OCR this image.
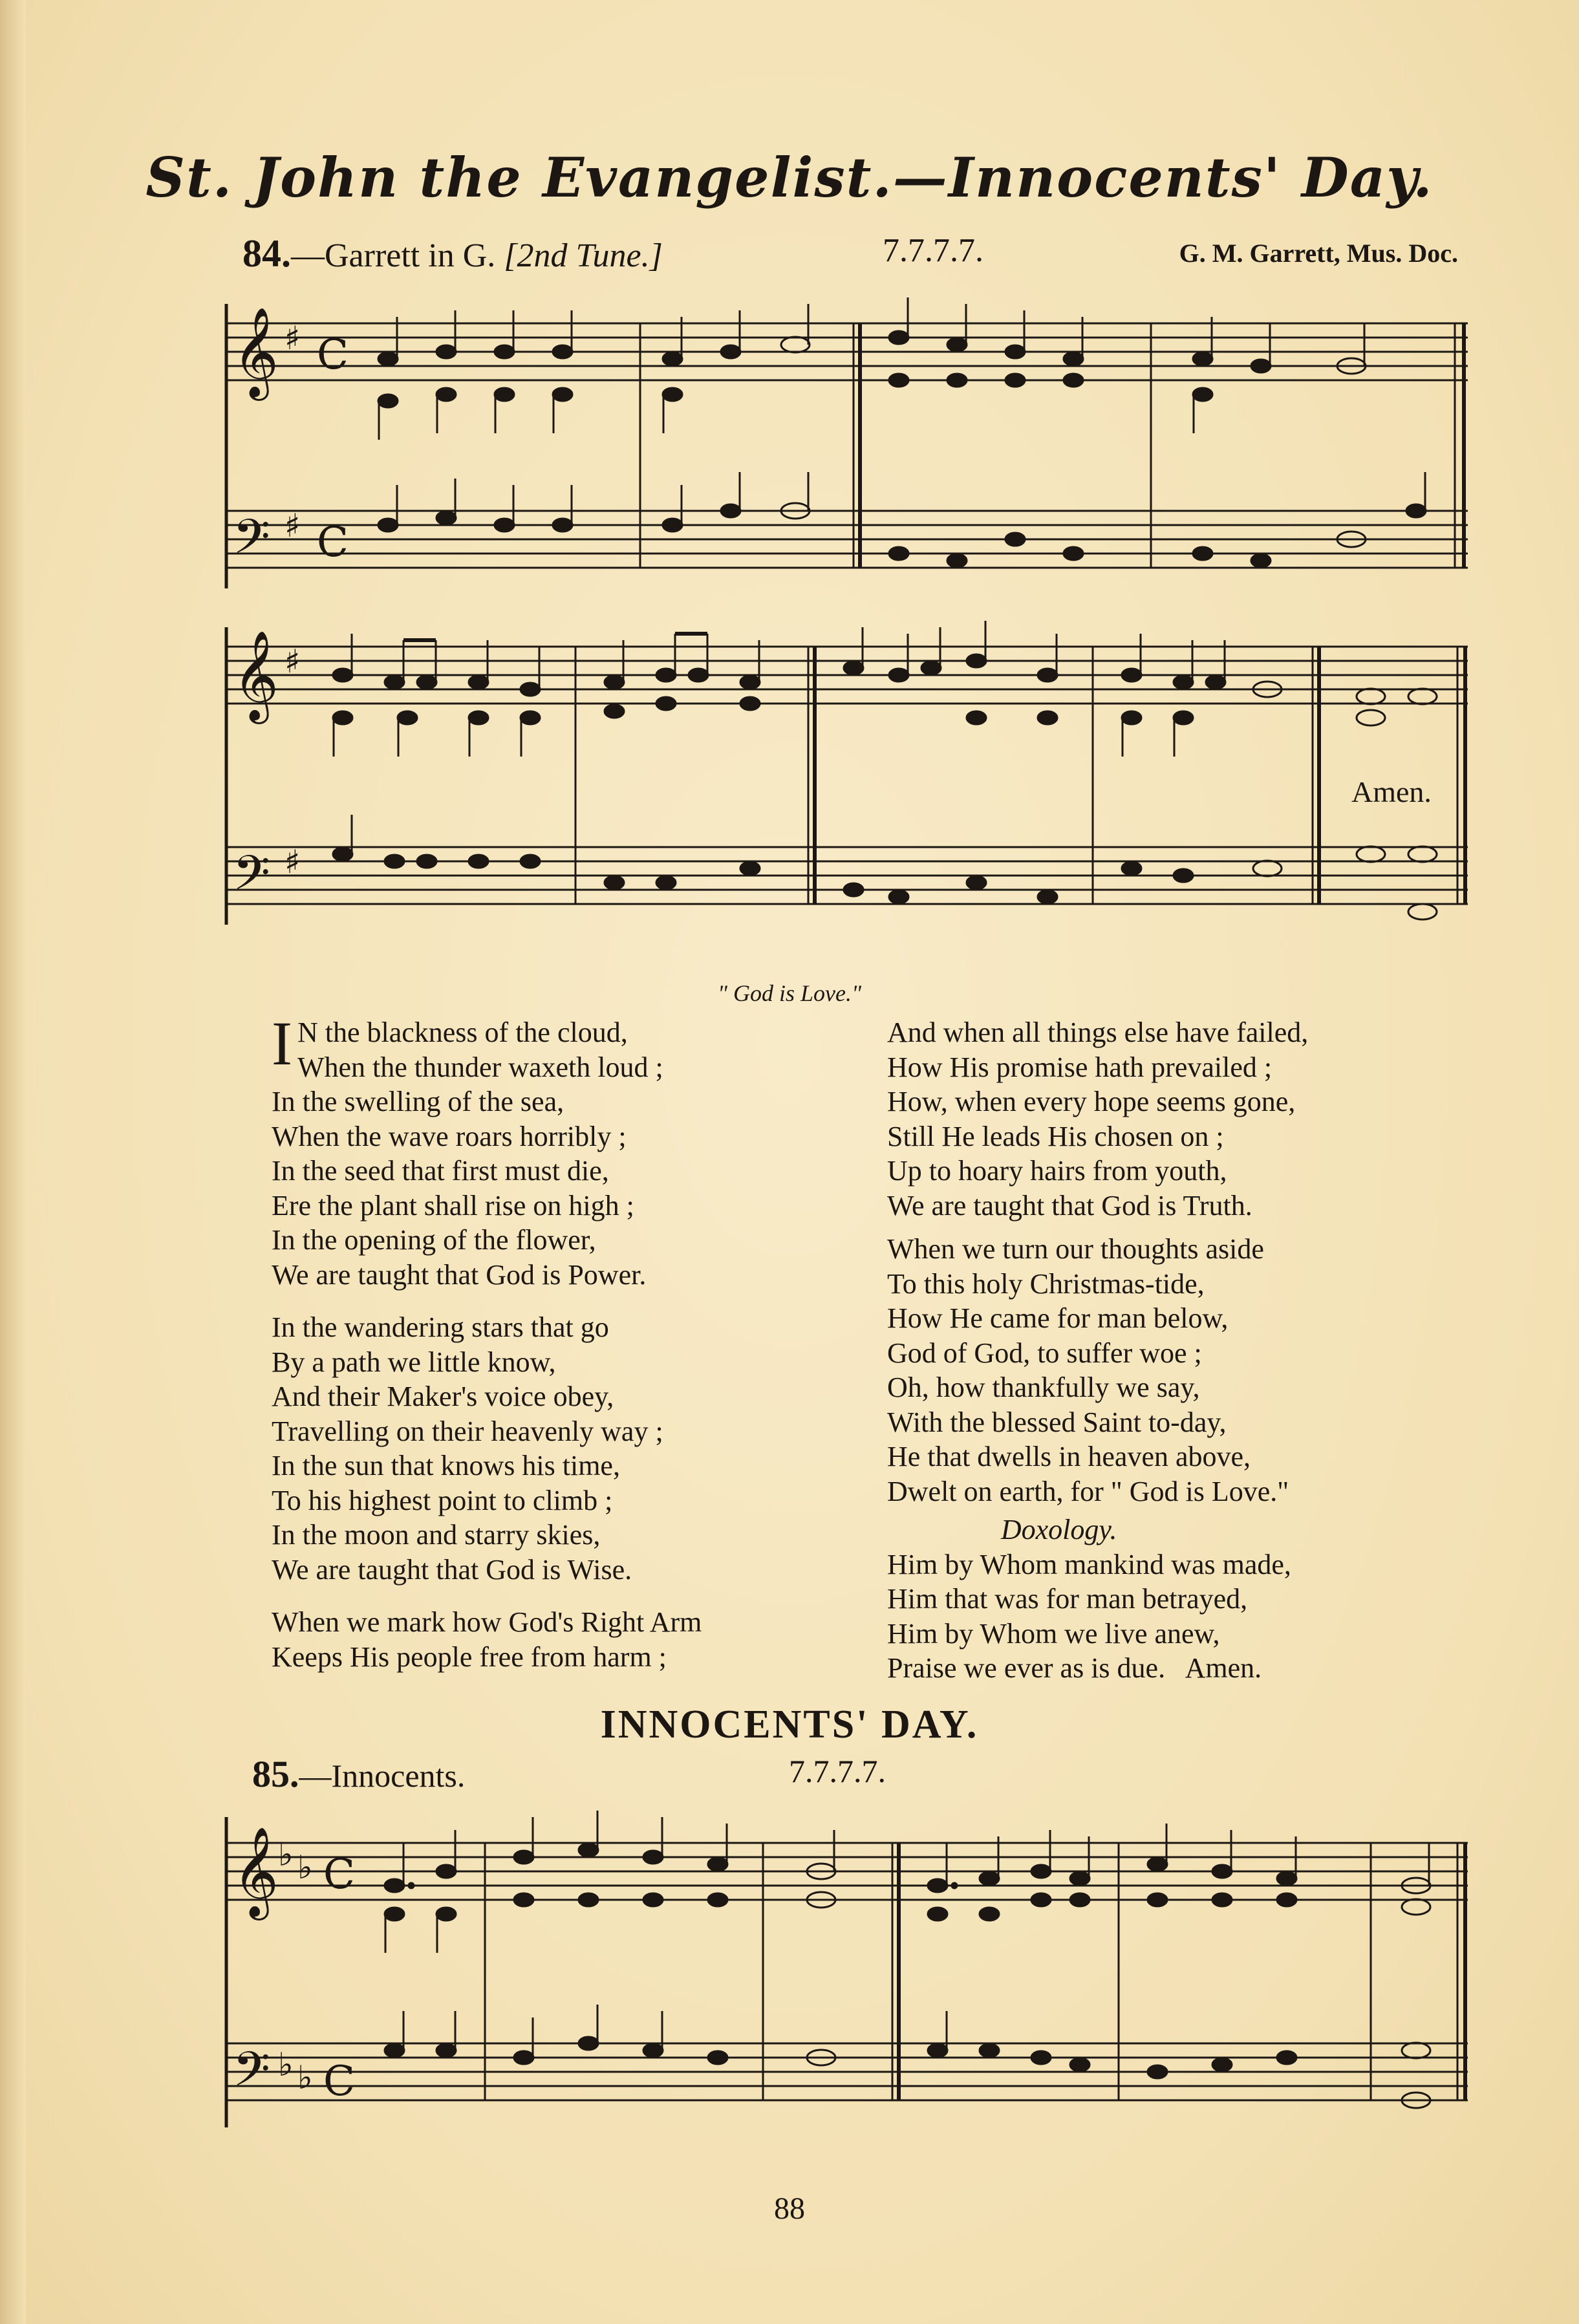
St. John the Evangelist.—Innocents' Day.
84.—Garrett in G. [2nd Tune.]	7.7.7.7.	G. M. Garrett, Mus. Doc.
𝄞 ♯ C
𝄢 ♯ C
𝄞 ♯
𝄢 ♯
Amen.
" God is Love."
I N the blackness of the cloud,
When the thunder waxeth loud ;
In the swelling of the sea,
When the wave roars horribly ;
In the seed that first must die,
Ere the plant shall rise on high ;
In the opening of the flower,
We are taught that God is Power.
In the wandering stars that go
By a path we little know,
And their Maker's voice obey,
Travelling on their heavenly way ;
In the sun that knows his time,
To his highest point to climb ;
In the moon and starry skies,
We are taught that God is Wise.
When we mark how God's Right Arm
Keeps His people free from harm ;
And when all things else have failed,
How His promise hath prevailed ;
How, when every hope seems gone,
Still He leads His chosen on ;
Up to hoary hairs from youth,
We are taught that God is Truth.
When we turn our thoughts aside
To this holy Christmas-tide,
How He came for man below,
God of God, to suffer woe ;
Oh, how thankfully we say,
With the blessed Saint to-day,
He that dwells in heaven above,
Dwelt on earth, for " God is Love."
Doxology.
Him by Whom mankind was made,
Him that was for man betrayed,
Him by Whom we live anew,
Praise we ever as is due.   Amen.
INNOCENTS' DAY.
85.—Innocents.	7.7.7.7.
𝄞 ♭ ♭ C
𝄢 ♭ ♭ C
88
